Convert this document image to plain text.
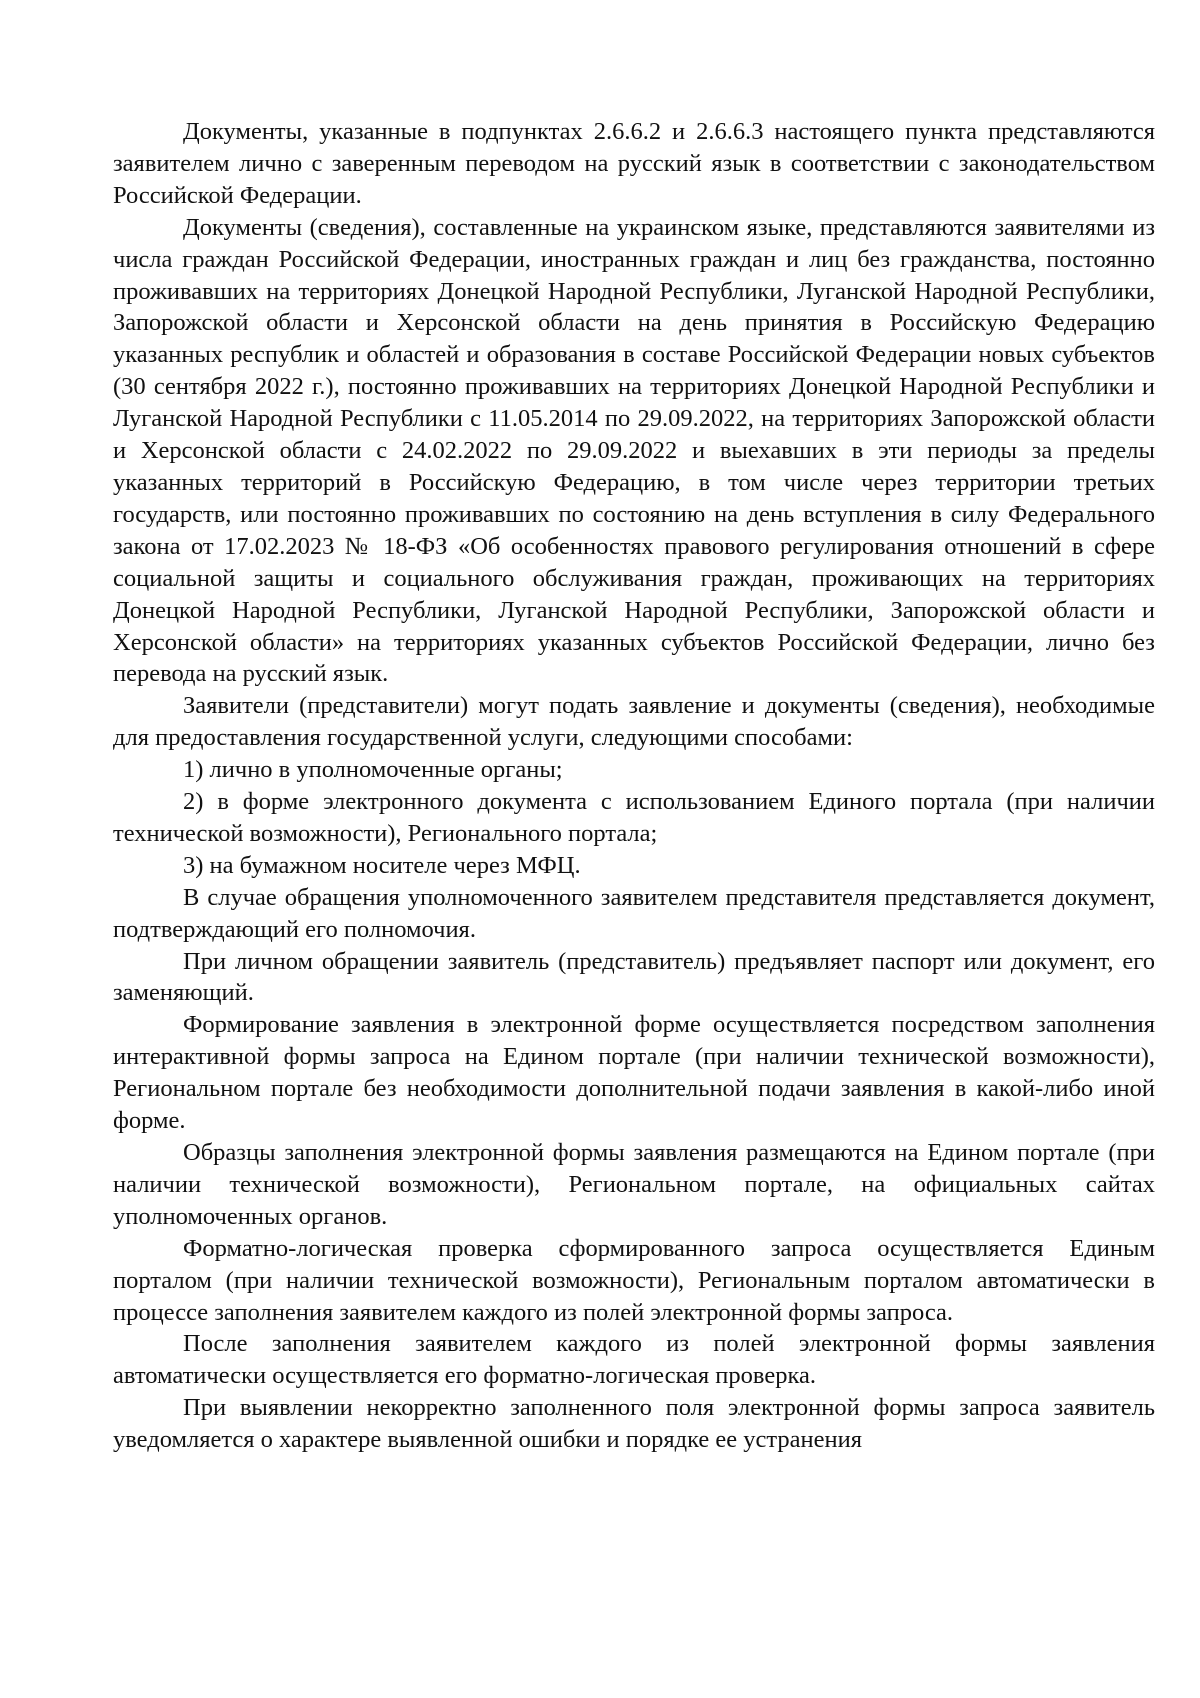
Документы, указанные в подпунктах 2.6.6.2 и 2.6.6.3 настоящего пункта представляются заявителем лично с заверенным переводом на русский язык в соответствии с законодательством Российской Федерации.

Документы (сведения), составленные на украинском языке, представляются заявителями из числа граждан Российской Федерации, иностранных граждан и лиц без гражданства, постоянно проживавших на территориях Донецкой Народной Республики, Луганской Народной Республики, Запорожской области и Херсонской области на день принятия в Российскую Федерацию указанных республик и областей и образования в составе Российской Федерации новых субъектов (30 сентября 2022 г.), постоянно проживавших на территориях Донецкой Народной Республики и Луганской Народной Республики с 11.05.2014 по 29.09.2022, на территориях Запорожской области и Херсонской области с 24.02.2022 по 29.09.2022 и выехавших в эти периоды за пределы указанных территорий в Российскую Федерацию, в том числе через территории третьих государств, или постоянно проживавших по состоянию на день вступления в силу Федерального закона от 17.02.2023 № 18-ФЗ «Об особенностях правового регулирования отношений в сфере социальной защиты и социального обслуживания граждан, проживающих на территориях Донецкой Народной Республики, Луганской Народной Республики, Запорожской области и Херсонской области» на территориях указанных субъектов Российской Федерации, лично без перевода на русский язык.

Заявители (представители) могут подать заявление и документы (сведения), необходимые для предоставления государственной услуги, следующими способами:

1) лично в уполномоченные органы;

2) в форме электронного документа с использованием Единого портала (при наличии технической возможности), Регионального портала;

3) на бумажном носителе через МФЦ.

В случае обращения уполномоченного заявителем представителя представляется документ, подтверждающий его полномочия.

При личном обращении заявитель (представитель) предъявляет паспорт или документ, его заменяющий.

Формирование заявления в электронной форме осуществляется посредством заполнения интерактивной формы запроса на Едином портале (при наличии технической возможности), Региональном портале без необходимости дополнительной подачи заявления в какой-либо иной форме.

Образцы заполнения электронной формы заявления размещаются на Едином портале (при наличии технической возможности), Региональном портале, на официальных сайтах уполномоченных органов.

Форматно-логическая проверка сформированного запроса осуществляется Единым порталом (при наличии технической возможности), Региональным порталом автоматически в процессе заполнения заявителем каждого из полей электронной формы запроса.

После заполнения заявителем каждого из полей электронной формы заявления автоматически осуществляется его форматно-логическая проверка.

При выявлении некорректно заполненного поля электронной формы запроса заявитель уведомляется о характере выявленной ошибки и порядке ее устранения
